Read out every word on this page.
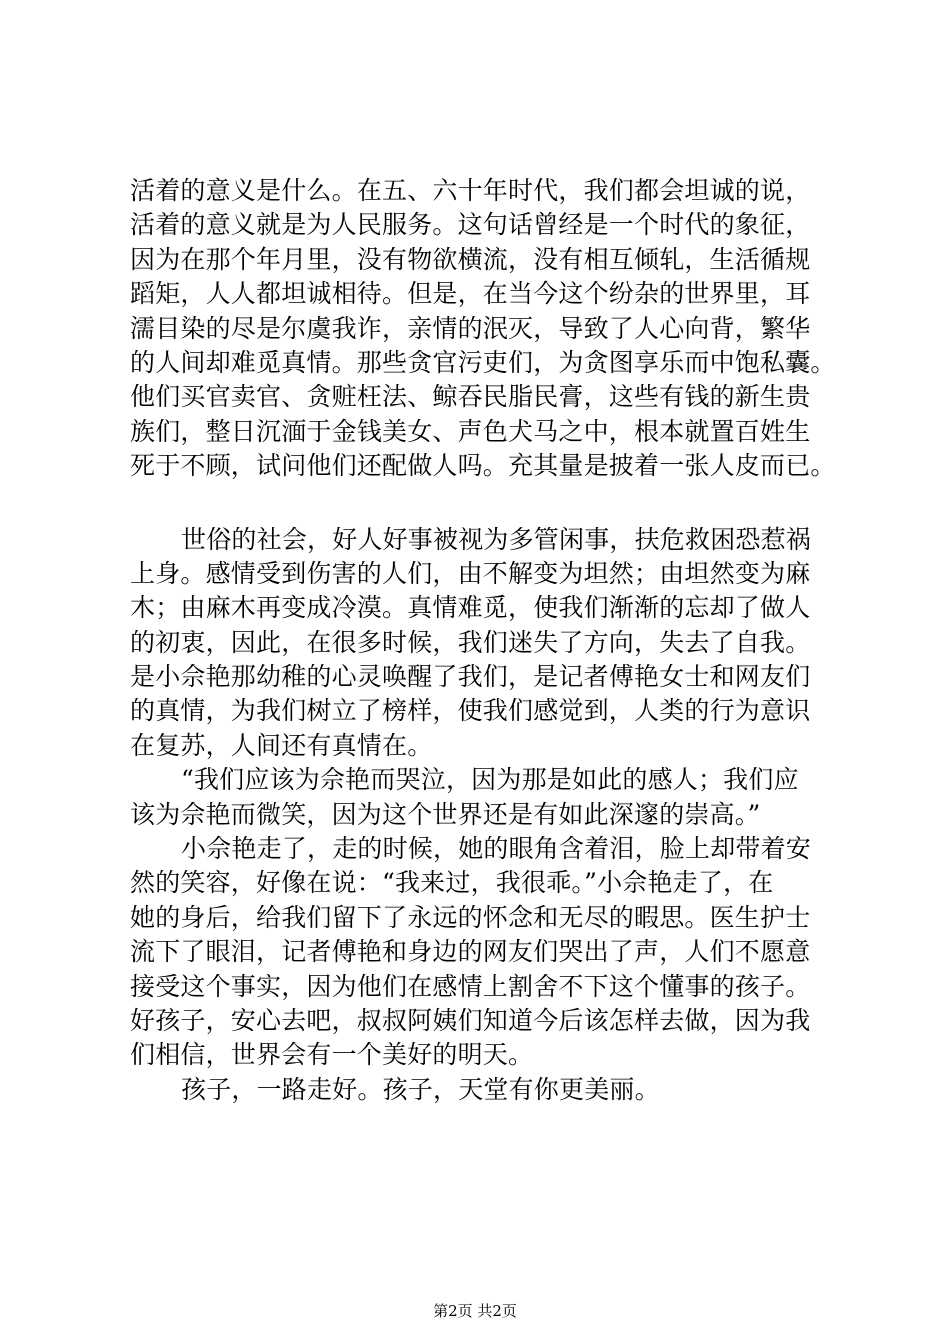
活着的意义是什么。在五、六十年时代，我们都会坦诚的说，
活着的意义就是为人民服务。这句话曾经是一个时代的象征，
因为在那个年月里，没有物欲横流，没有相互倾轧，生活循规
蹈矩，人人都坦诚相待。但是，在当今这个纷杂的世界里，耳
濡目染的尽是尔虞我诈，亲情的泯灭，导致了人心向背，繁华
的人间却难觅真情。那些贪官污吏们，为贪图享乐而中饱私囊。
他们买官卖官、贪赃枉法、鲸吞民脂民膏，这些有钱的新生贵
族们，整日沉湎于金钱美女、声色犬马之中，根本就置百姓生
死于不顾，试问他们还配做人吗。充其量是披着一张人皮而已。
世俗的社会，好人好事被视为多管闲事，扶危救困恐惹祸
上身。感情受到伤害的人们，由不解变为坦然；由坦然变为麻
木；由麻木再变成冷漠。真情难觅，使我们渐渐的忘却了做人
的初衷，因此，在很多时候，我们迷失了方向，失去了自我。
是小佘艳那幼稚的心灵唤醒了我们，是记者傅艳女士和网友们
的真情，为我们树立了榜样，使我们感觉到，人类的行为意识
在复苏，人间还有真情在。
“我们应该为佘艳而哭泣，因为那是如此的感人；我们应
该为佘艳而微笑，因为这个世界还是有如此深邃的崇高。”
小佘艳走了，走的时候，她的眼角含着泪，脸上却带着安
然的笑容，好像在说：“我来过，我很乖。”小佘艳走了，在
她的身后，给我们留下了永远的怀念和无尽的暇思。医生护士
流下了眼泪，记者傅艳和身边的网友们哭出了声，人们不愿意
接受这个事实，因为他们在感情上割舍不下这个懂事的孩子。
好孩子，安心去吧，叔叔阿姨们知道今后该怎样去做，因为我
们相信，世界会有一个美好的明天。
孩子，一路走好。孩子，天堂有你更美丽。
第2页 共2页
